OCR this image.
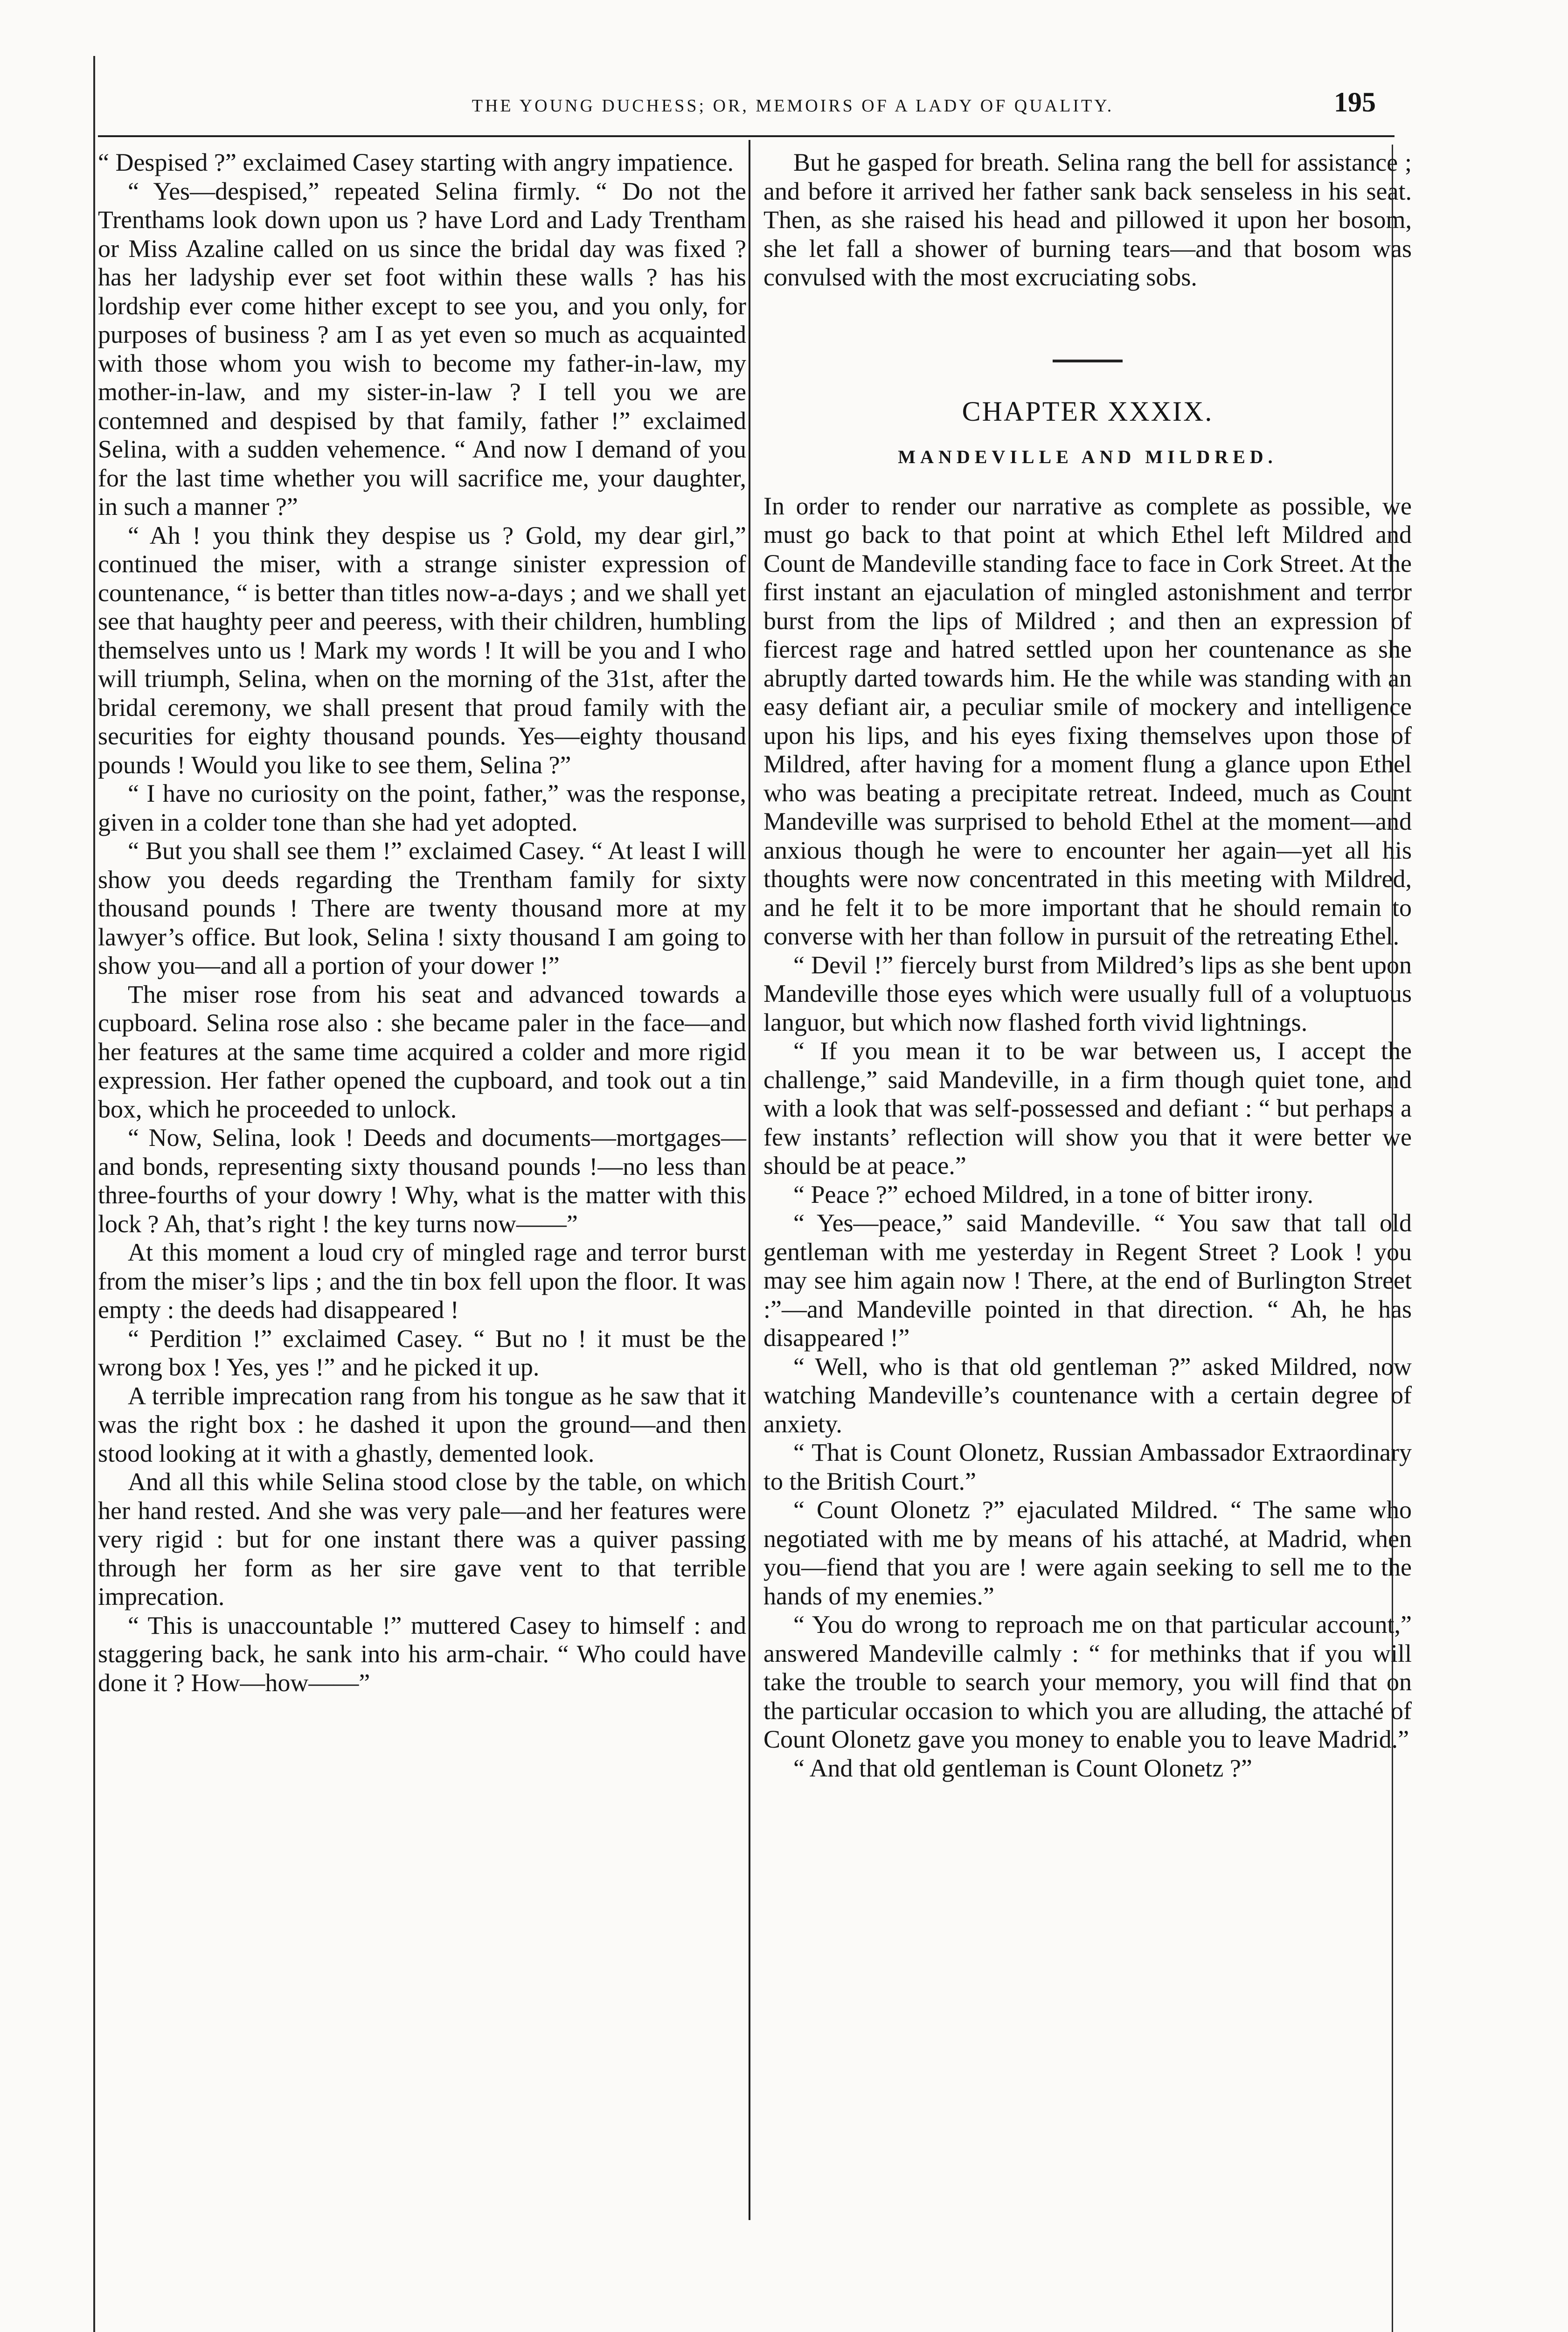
THE YOUNG DUCHESS; OR, MEMOIRS OF A LADY OF QUALITY.	195

“ Despised ?” exclaimed Casey starting with angry impatience.

“ Yes—despised,” repeated Selina firmly. “ Do not the Trenthams look down upon us ? have Lord and Lady Trentham or Miss Azaline called on us since the bridal day was fixed ? has her ladyship ever set foot within these walls ? has his lordship ever come hither except to see you, and you only, for purposes of business ? am I as yet even so much as acquainted with those whom you wish to become my father-in-law, my mother-in-law, and my sister-in-law ? I tell you we are contemned and despised by that family, father !” exclaimed Selina, with a sudden vehemence. “ And now I demand of you for the last time whether you will sacrifice me, your daughter, in such a manner ?”

“ Ah ! you think they despise us ? Gold, my dear girl,” continued the miser, with a strange sinister expression of countenance, “ is better than titles now-a-days ; and we shall yet see that haughty peer and peeress, with their children, humbling themselves unto us ! Mark my words ! It will be you and I who will triumph, Selina, when on the morning of the 31st, after the bridal ceremony, we shall present that proud family with the securities for eighty thousand pounds. Yes—eighty thousand pounds ! Would you like to see them, Selina ?”

“ I have no curiosity on the point, father,” was the response, given in a colder tone than she had yet adopted.

“ But you shall see them !” exclaimed Casey. “ At least I will show you deeds regarding the Trentham family for sixty thousand pounds ! There are twenty thousand more at my lawyer’s office. But look, Selina ! sixty thousand I am going to show you—and all a portion of your dower !”

The miser rose from his seat and advanced towards a cupboard. Selina rose also : she became paler in the face—and her features at the same time acquired a colder and more rigid expression. Her father opened the cupboard, and took out a tin box, which he proceeded to unlock.

“ Now, Selina, look ! Deeds and documents—mortgages—and bonds, representing sixty thousand pounds !—no less than three-fourths of your dowry ! Why, what is the matter with this lock ? Ah, that’s right ! the key turns now——”

At this moment a loud cry of mingled rage and terror burst from the miser’s lips ; and the tin box fell upon the floor. It was empty : the deeds had disappeared !

“ Perdition !” exclaimed Casey. “ But no ! it must be the wrong box ! Yes, yes !” and he picked it up.

A terrible imprecation rang from his tongue as he saw that it was the right box : he dashed it upon the ground—and then stood looking at it with a ghastly, demented look.

And all this while Selina stood close by the table, on which her hand rested. And she was very pale—and her features were very rigid : but for one instant there was a quiver passing through her form as her sire gave vent to that terrible imprecation.

“ This is unaccountable !” muttered Casey to himself : and staggering back, he sank into his arm-chair. “ Who could have done it ? How—how——”

But he gasped for breath. Selina rang the bell for assistance ; and before it arrived her father sank back senseless in his seat. Then, as she raised his head and pillowed it upon her bosom, she let fall a shower of burning tears—and that bosom was convulsed with the most excruciating sobs.

CHAPTER XXXIX.
MANDEVILLE AND MILDRED.

In order to render our narrative as complete as possible, we must go back to that point at which Ethel left Mildred and Count de Mandeville standing face to face in Cork Street. At the first instant an ejaculation of mingled astonishment and terror burst from the lips of Mildred ; and then an expression of fiercest rage and hatred settled upon her countenance as she abruptly darted towards him. He the while was standing with an easy defiant air, a peculiar smile of mockery and intelligence upon his lips, and his eyes fixing themselves upon those of Mildred, after having for a moment flung a glance upon Ethel who was beating a precipitate retreat. Indeed, much as Count Mandeville was surprised to behold Ethel at the moment—and anxious though he were to encounter her again—yet all his thoughts were now concentrated in this meeting with Mildred, and he felt it to be more important that he should remain to converse with her than follow in pursuit of the retreating Ethel.

“ Devil !” fiercely burst from Mildred’s lips as she bent upon Mandeville those eyes which were usually full of a voluptuous languor, but which now flashed forth vivid lightnings.

“ If you mean it to be war between us, I accept the challenge,” said Mandeville, in a firm though quiet tone, and with a look that was self-possessed and defiant : “ but perhaps a few instants’ reflection will show you that it were better we should be at peace.”

“ Peace ?” echoed Mildred, in a tone of bitter irony.

“ Yes—peace,” said Mandeville. “ You saw that tall old gentleman with me yesterday in Regent Street ? Look ! you may see him again now ! There, at the end of Burlington Street :”—and Mandeville pointed in that direction. “ Ah, he has disappeared !”

“ Well, who is that old gentleman ?” asked Mildred, now watching Mandeville’s countenance with a certain degree of anxiety.

“ That is Count Olonetz, Russian Ambassador Extraordinary to the British Court.”

“ Count Olonetz ?” ejaculated Mildred. “ The same who negotiated with me by means of his attaché, at Madrid, when you—fiend that you are ! were again seeking to sell me to the hands of my enemies.”

“ You do wrong to reproach me on that particular account,” answered Mandeville calmly : “ for methinks that if you will take the trouble to search your memory, you will find that on the particular occasion to which you are alluding, the attaché of Count Olonetz gave you money to enable you to leave Madrid.”

“ And that old gentleman is Count Olonetz ?”
